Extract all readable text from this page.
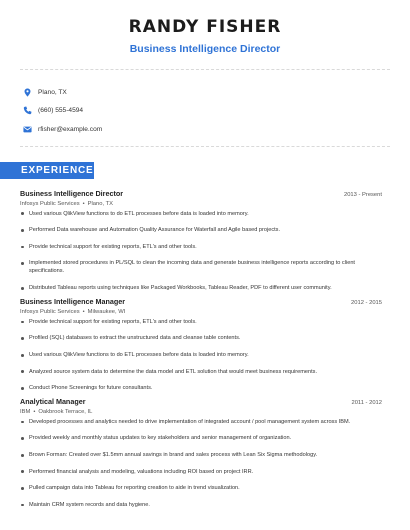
RANDY FISHER
Business Intelligence Director
Plano, TX
(660) 555-4594
rfisher@example.com
EXPERIENCE
Business Intelligence Director	2013 - Present
Infosys Public Services • Plano, TX
Used various QlikView functions to do ETL processes before data is loaded into memory.
Performed Data warehouse and Automation Quality Assurance for Waterfall and Agile based projects.
Provide technical support for existing reports, ETL's and other tools.
Implemented stored procedures in PL/SQL to clean the incoming data and generate business intelligence reports according to client specifications.
Distributed Tableau reports using techniques like Packaged Workbooks, Tableau Reader, PDF to different user community.
Business Intelligence Manager	2012 - 2015
Infosys Public Services • Milwaukee, WI
Provide technical support for existing reports, ETL's and other tools.
Profiled (SQL) databases to extract the unstructured data and cleanse table contents.
Used various QlikView functions to do ETL processes before data is loaded into memory.
Analyzed source system data to determine the data model and ETL solution that would meet business requirements.
Conduct Phone Screenings for future consultants.
Analytical Manager	2011 - 2012
IBM • Oakbrook Terrace, IL
Developed processes and analytics needed to drive implementation of integrated account / pool management system across IBM.
Provided weekly and monthly status updates to key stakeholders and senior management of organization.
Brown Forman: Created over $1.5mm annual savings in brand and sales process with Lean Six Sigma methodology.
Performed financial analysis and modeling, valuations including ROI based on project IRR.
Pulled campaign data into Tableau for reporting creation to aide in trend visualization.
Maintain CRM system records and data hygiene.
